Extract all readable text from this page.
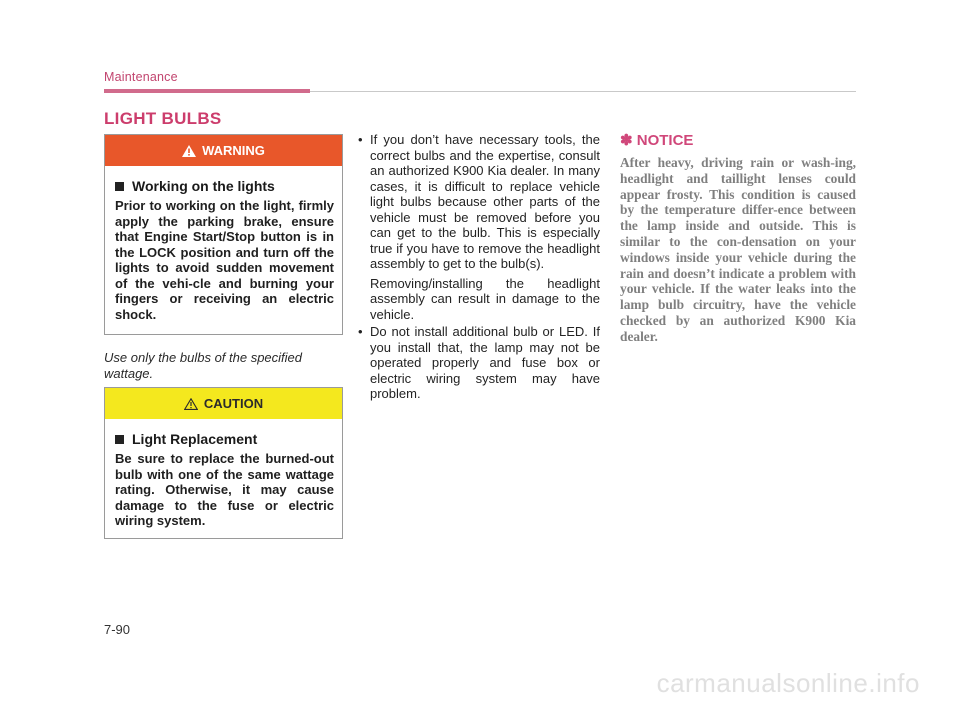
Maintenance
LIGHT BULBS
WARNING
Working on the lights
Prior to working on the light, firmly apply the parking brake, ensure that Engine Start/Stop button is in the LOCK position and turn off the lights to avoid sudden movement of the vehi-cle and burning your fingers or receiving an electric shock.
Use only the bulbs of the specified wattage.
CAUTION
Light Replacement
Be sure to replace the burned-out bulb with one of the same wattage rating. Otherwise, it may cause damage to the fuse or electric wiring system.

• If you don’t have necessary tools, the correct bulbs and the expertise, consult an authorized K900 Kia dealer. In many cases, it is difficult to replace vehicle light bulbs because other parts of the vehicle must be removed before you can get to the bulb. This is especially true if you have to remove the headlight assembly to get to the bulb(s).

Removing/installing the headlight assembly can result in damage to the vehicle.

• Do not install additional bulb or LED. If you install that, the lamp may not be operated properly and fuse box or electric wiring system may have problem.

✽ NOTICE
After heavy, driving rain or wash-ing, headlight and taillight lenses could appear frosty. This condition is caused by the temperature differ-ence between the lamp inside and outside. This is similar to the con-densation on your windows inside your vehicle during the rain and doesn’t indicate a problem with your vehicle. If the water leaks into the lamp bulb circuitry, have the vehicle checked by an authorized K900 Kia dealer.
7-90
carmanualsonline.info
